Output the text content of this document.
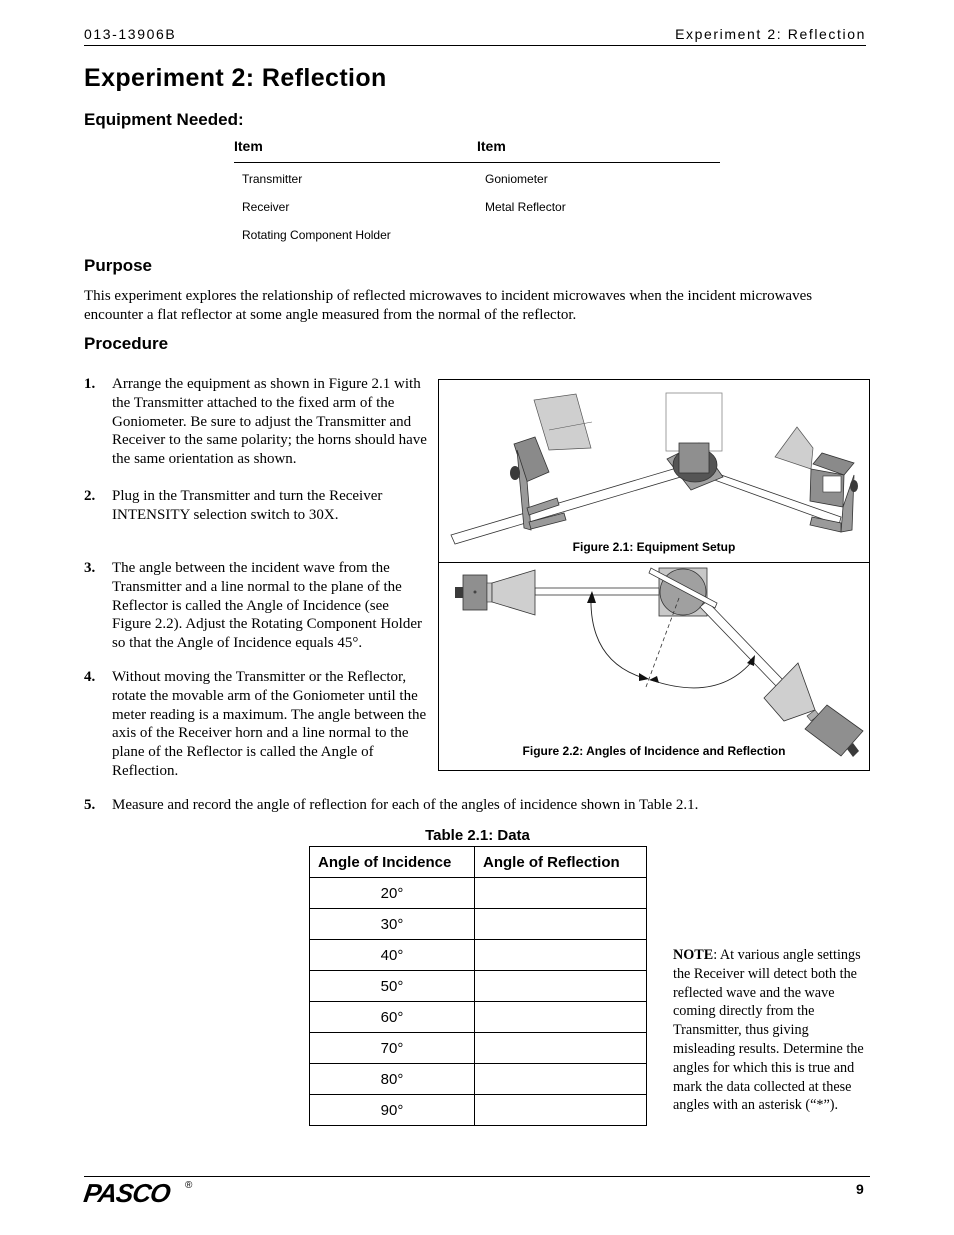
013-13906B	Experiment 2: Reflection
Experiment 2: Reflection
Equipment Needed:
Item	Item
Transmitter	Goniometer
Receiver	Metal Reflector
Rotating Component Holder
Purpose
This experiment explores the relationship of reflected microwaves to incident microwaves when the incident microwaves encounter a flat reflector at some angle measured from the normal of the reflector.
Procedure
1. Arrange the equipment as shown in Figure 2.1 with the Transmitter attached to the fixed arm of the Goniometer. Be sure to adjust the Transmitter and Receiver to the same polarity; the horns should have the same orientation as shown.
2. Plug in the Transmitter and turn the Receiver INTENSITY selection switch to 30X.
3. The angle between the incident wave from the Transmitter and a line normal to the plane of the Reflector is called the Angle of Incidence (see Figure 2.2). Adjust the Rotating Component Holder so that the Angle of Incidence equals 45°.
4. Without moving the Transmitter or the Reflector, rotate the movable arm of the Goniometer until the meter reading is a maximum. The angle between the axis of the Receiver horn and a line normal to the plane of the Reflector is called the Angle of Reflection.
5. Measure and record the angle of reflection for each of the angles of incidence shown in Table 2.1.
Figure 2.1: Equipment Setup
Figure 2.2: Angles of Incidence and Reflection
Table 2.1: Data
Angle of Incidence	Angle of Reflection
20°	
30°	
40°	
50°	
60°	
70°	
80°	
90°	
NOTE: At various angle settings the Receiver will detect both the reflected wave and the wave coming directly from the Transmitter, thus giving misleading results. Determine the angles for which this is true and mark the data collected at these angles with an asterisk (“*”).
PASCO ®	9
